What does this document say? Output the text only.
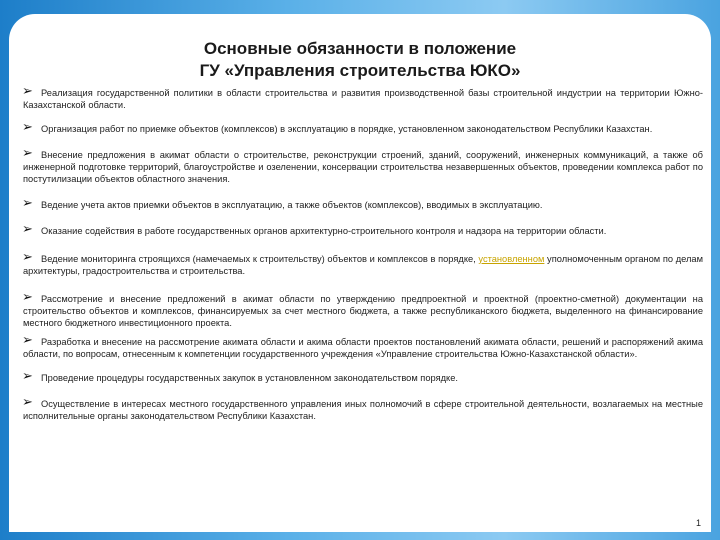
Основные обязанности в положение
ГУ «Управления строительства ЮКО»
➢ Реализация государственной политики в области строительства и развития производственной базы строительной индустрии на территории Южно-Казахстанской области.
➢ Организация работ по приемке объектов (комплексов) в эксплуатацию в порядке, установленном законодательством Республики Казахстан.
➢ Внесение предложения в акимат области о строительстве, реконструкции строений, зданий, сооружений, инженерных коммуникаций, а также об инженерной подготовке территорий, благоустройстве и озеленении, консервации строительства незавершенных объектов, проведении комплекса работ по постутилизации объектов областного значения.
➢ Ведение учета актов приемки объектов в эксплуатацию, а также объектов (комплексов), вводимых в эксплуатацию.
➢ Оказание содействия в работе государственных органов архитектурно-строительного контроля и надзора на территории области.
➢ Ведение мониторинга строящихся (намечаемых к строительству) объектов и комплексов в порядке, установленном уполномоченным органом по делам архитектуры, градостроительства и строительства.
➢ Рассмотрение и внесение предложений в акимат области по утверждению предпроектной и проектной (проектно-сметной) документации на строительство объектов и комплексов, финансируемых за счет местного бюджета, а также республиканского бюджета, выделенного на финансирование местного бюджетного инвестиционного проекта.
➢ Разработка и внесение на рассмотрение акимата области и акима области проектов постановлений акимата области, решений и распоряжений акима области, по вопросам, отнесенным к компетенции государственного учреждения «Управление строительства Южно-Казахстанской области».
➢ Проведение процедуры государственных закупок в установленном законодательством порядке.
➢ Осуществление в интересах местного государственного управления иных полномочий в сфере строительной деятельности, возлагаемых на местные исполнительные органы законодательством Республики Казахстан.
1
